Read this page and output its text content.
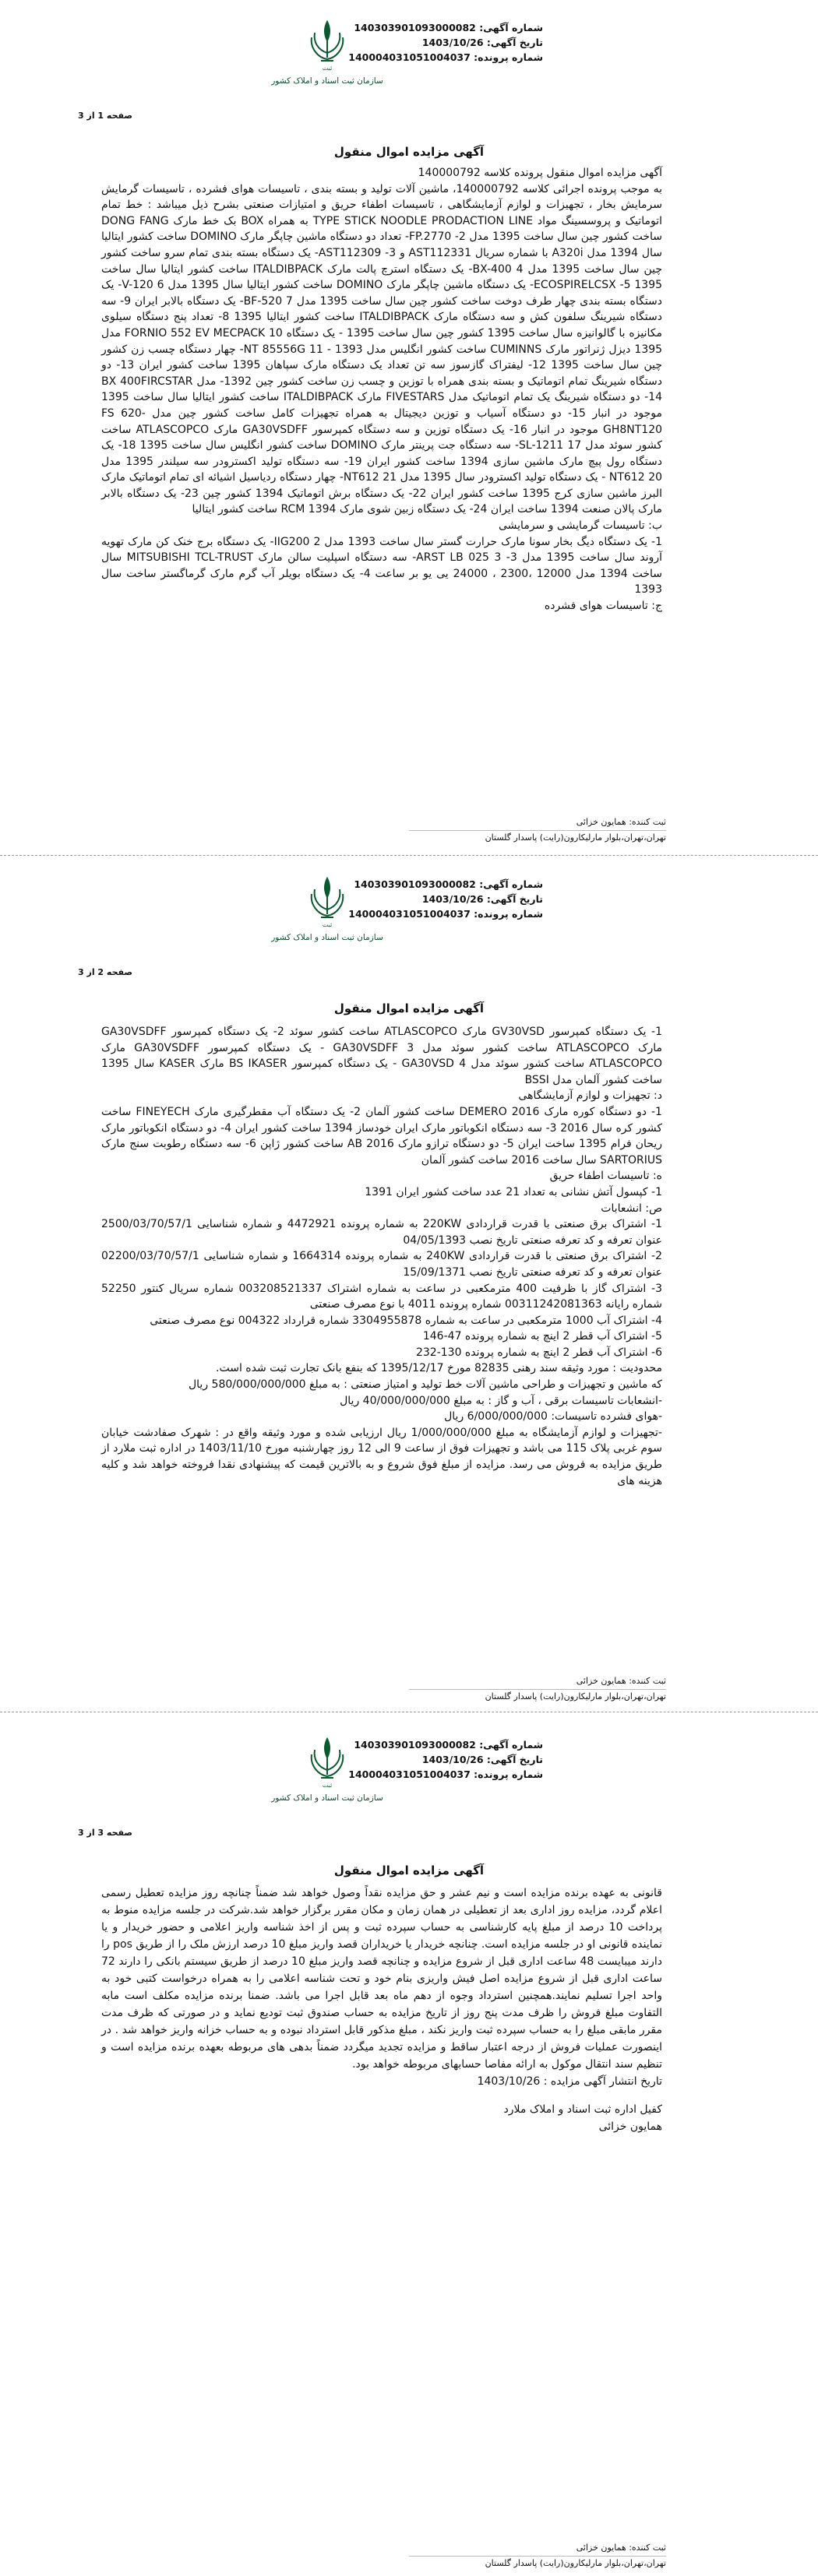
شماره آگهی: 140303901093000082
تاریخ آگهی: 1403/10/26
شماره پرونده: 140004031051004037
ثبت
سازمان ثبت اسناد و املاک کشور
صفحه 1 از 3
آگهی مزایده اموال منقول

آگهی مزایده اموال منقول پرونده کلاسه 140000792

به موجب پرونده اجرائی کلاسه 140000792، ماشین آلات تولید و بسته بندی ، تاسیسات هوای فشرده ، تاسیسات گرمایش سرمایش بخار ، تجهیزات و لوازم آزمایشگاهی ، تاسیسات اطفاء حریق و امتیازات صنعتی بشرح ذیل میباشد : خط تمام اتوماتیک و پروسسینگ مواد TYPE STICK NOODLE PRODACTION LINE به همراه BOX بک خط مارک DONG FANG ساخت کشور چین سال ساخت 1395 مدل FP.2770 -2- تعداد دو دستگاه ماشین چاپگر مارک DOMINO ساخت کشور ایتالیا سال 1394 مدل A320i با شماره سریال AST112331 و AST112309 -3- یک دستگاه بسته بندی تمام سرو ساخت کشور چین سال ساخت 1395 مدل BX-400 4- یک دستگاه استرچ پالت مارک ITALDIBPACK ساخت کشور ایتالیا سال ساخت 1395 ECOSPIRELCSX -5- یک دستگاه ماشین چاپگر مارک DOMINO ساخت کشور ایتالیا سال 1395 مدل V-120 6- یک دستگاه بسته بندی چهار طرف دوخت ساخت کشور چین سال ساخت 1395 مدل BF-520 7- یک دستگاه بالابر ایران 9- سه دستگاه شیرینگ سلفون کش و سه دستگاه مارک ITALDIBPACK ساخت کشور ایتالیا 1395 8- تعداد پنج دستگاه سیلوی مکانیزه با گالوانیزه سال ساخت 1395 کشور چین سال ساخت 1395 - یک دستگاه FORNIO 552 EV MECPACK 10 مدل 1395 دیزل ژنراتور مارک CUMINNS ساخت کشور انگلیس مدل 1393 - NT 85556G 11- چهار دستگاه چسب زن کشور چین سال ساخت 1395 12- لیفتراک گازسوز سه تن تعداد یک دستگاه مارک سپاهان 1395 ساخت کشور ایران 13- دو دستگاه شیرینگ تمام اتوماتیک و بسته بندی همراه با توزین و چسب زن ساخت کشور چین 1392- مدل BX 400FIRCSTAR 14- دو دستگاه شیرینگ یک تمام اتوماتیک مدل FIVESTARS مارک ITALDIBPACK ساخت کشور ایتالیا سال ساخت 1395 موجود در انبار 15- دو دستگاه آسیاب و توزین دیجیتال به همراه تجهیزات کامل ساخت کشور چین مدل FS 620-GH8NT120 موجود در انبار 16- یک دستگاه توزین و سه دستگاه کمپرسور GA30VSDFF مارک ATLASCOPCO ساخت کشور سوئد مدل 17 SL-1211- سه دستگاه جت پرینتر مارک DOMINO ساخت کشور انگلیس سال ساخت 1395 18- یک دستگاه رول پیچ مارک ماشین سازی 1394 ساخت کشور ایران 19- سه دستگاه تولید اکسترودر سه سیلندر 1395 مدل NT612 20 - یک دستگاه تولید اکسترودر سال 1395 مدل NT612 21- چهار دستگاه ردیاسیل اشیائه ای تمام اتوماتیک مارک البرز ماشین سازی کرج 1395 ساخت کشور ایران 22- یک دستگاه برش اتوماتیک 1394 کشور چین 23- یک دستگاه بالابر مارک پالان صنعت 1394 ساخت ایران 24- یک دستگاه زبین شوی مارک RCM 1394 ساخت کشور ایتالیا

ب: تاسیسات گرمایشی و سرمایشی

1- یک دستگاه دیگ بخار سونا مارک حرارت گستر سال ساخت 1393 مدل IIG200 2- یک دستگاه برج خنک کن مارک تهویه آروند سال ساخت 1395 مدل ARST LB 025 3 -3- سه دستگاه اسپلیت سالن مارک MITSUBISHI TCL-TRUST سال ساخت 1394 مدل 12000 ،2300 ، 24000 یی یو بر ساعت 4- یک دستگاه بویلر آب گرم مارک گرماگستر ساخت سال 1393

ج: تاسیسات هوای فشرده

ثبت کننده: همایون خزائی
تهران،تهران،بلوار مارلیکارون(رایت) پاسدار گلستان
شماره آگهی: 140303901093000082
تاریخ آگهی: 1403/10/26
شماره پرونده: 140004031051004037
ثبت
سازمان ثبت اسناد و املاک کشور
صفحه 2 از 3
آگهی مزایده اموال منقول

1- یک دستگاه کمپرسور GV30VSD مارک ATLASCOPCO ساخت کشور سوئد 2- یک دستگاه کمپرسور GA30VSDFF مارک ATLASCOPCO ساخت کشور سوئد مدل GA30VSDFF 3 - یک دستگاه کمپرسور GA30VSDFF مارک ATLASCOPCO ساخت کشور سوئد مدل 4 GA30VSD - یک دستگاه کمپرسور BS IKASER مارک KASER سال 1395 ساخت کشور آلمان مدل BSSI

د: تجهیزات و لوازم آزمایشگاهی

1- دو دستگاه کوره مارک DEMERO 2016 ساخت کشور آلمان 2- یک دستگاه آب مقطرگیری مارک FINEYECH ساخت کشور کره سال 2016 3- سه دستگاه انکوباتور مارک ایران خودساز 1394 ساخت کشور ایران 4- دو دستگاه انکوباتور مارک ریحان فرام 1395 ساخت ایران 5- دو دستگاه ترازو مارک AB 2016 ساخت کشور ژاپن 6- سه دستگاه رطوبت سنج مارک SARTORIUS سال ساخت 2016 ساخت کشور آلمان

ه: تاسیسات اطفاء حریق

1- کپسول آتش نشانی به تعداد 21 عدد ساخت کشور ایران 1391

ص: انشعابات

1- اشتراک برق صنعتی با قدرت قراردادی 220KW به شماره پرونده 4472921 و شماره شناسایی 2500/03/70/57/1 عنوان تعرفه و کد تعرفه صنعتی تاریخ نصب 04/05/1393

2- اشتراک برق صنعتی با قدرت قراردادی 240KW به شماره پرونده 1664314 و شماره شناسایی 02200/03/70/57/1 عنوان تعرفه و کد تعرفه صنعتی تاریخ نصب 15/09/1371

3- اشتراک گاز با ظرفیت 400 مترمکعبی در ساعت به شماره اشتراک 003208521337 شماره سریال کنتور 52250 شماره رایانه 00311242081363 شماره پرونده 4011 با نوع مصرف صنعتی

4- اشتراک آب 1000 مترمکعبی در ساعت به شماره 3304955878 شماره قرارداد 004322 نوع مصرف صنعتی

5- اشتراک آب قطر 2 اینچ به شماره پرونده 47-146

6- اشتراک آب قطر 2 اینچ به شماره پرونده 130-232

محدودیت : مورد وثیقه سند رهنی 82835 مورخ 1395/12/17 که بنفع بانک تجارت ثبت شده است.

که ماشین و تجهیزات و طراحی ماشین آلات خط تولید و امتیاز صنعتی : به مبلغ 580/000/000/000 ریال

-انشعابات تاسیسات برقی ، آب و گاز : به مبلغ 40/000/000/000 ریال

-هوای فشرده تاسیسات: 6/000/000/000 ریال

-تجهیزات و لوازم آزمایشگاه به مبلغ 1/000/000/000 ریال ارزیابی شده و مورد وثیقه واقع در : شهرک صفادشت خیابان سوم غربی پلاک 115 می باشد و تجهیزات فوق از ساعت 9 الی 12 روز چهارشنبه مورخ 1403/11/10 در اداره ثبت ملارد از طریق مزایده به فروش می رسد. مزایده از مبلغ فوق شروع و به بالاترین قیمت که پیشنهادی نقدا فروخته خواهد شد و کلیه هزینه های

ثبت کننده: همایون خزائی
تهران،تهران،بلوار مارلیکارون(رایت) پاسدار گلستان
شماره آگهی: 140303901093000082
تاریخ آگهی: 1403/10/26
شماره پرونده: 140004031051004037
ثبت
سازمان ثبت اسناد و املاک کشور
صفحه 3 از 3
آگهی مزایده اموال منقول

قانونی به عهده برنده مزایده است و نیم عشر و حق مزایده نقداً وصول خواهد شد ضمناً چنانچه روز مزایده تعطیل رسمی اعلام گردد، مزایده روز اداری بعد از تعطیلی در همان زمان و مکان مقرر برگزار خواهد شد.شرکت در جلسه مزایده منوط به پرداخت 10 درصد از مبلغ پایه کارشناسی به حساب سپرده ثبت و پس از اخذ شناسه واریز اعلامی و حضور خریدار و یا نماینده قانونی او در جلسه مزایده است. چنانچه خریدار یا خریداران قصد واریز مبلغ 10 درصد ارزش ملک را از طریق pos را دارند میبایست 48 ساعت اداری قبل از شروع مزایده و چنانچه قصد واریز مبلغ 10 درصد از طریق سیستم بانکی را دارند 72 ساعت اداری قبل از شروع مزایده اصل فیش واریزی بنام خود و تحت شناسه اعلامی را به همراه درخواست کتبی خود به واحد اجرا تسلیم نمایند.همچنین استرداد وجوه از دهم ماه بعد قابل اجرا می باشد. ضمنا برنده مزایده مکلف است مابه التفاوت مبلغ فروش را ظرف مدت پنج روز از تاریخ مزایده به حساب صندوق ثبت تودیع نماید و در صورتی که ظرف مدت مقرر مابقی مبلغ را به حساب سپرده ثبت واریز نکند ، مبلغ مذکور قابل استرداد نبوده و به حساب خزانه واریز خواهد شد . در اینصورت عملیات فروش از درجه اعتبار ساقط و مزایده تجدید میگردد ضمناً بدهی های مربوطه بعهده برنده مزایده است و تنظیم سند انتقال موکول به ارائه مفاصا حسابهای مربوطه خواهد بود.

تاریخ انتشار آگهی مزایده : 1403/10/26

کفیل اداره ثبت اسناد و املاک ملارد

همایون خزائی

ثبت کننده: همایون خزائی
تهران،تهران،بلوار مارلیکارون(رایت) پاسدار گلستان
